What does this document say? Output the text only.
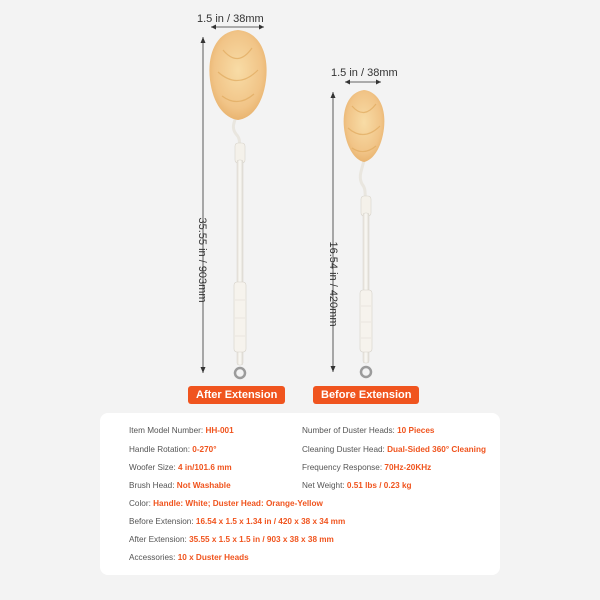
1.5 in / 38mm
35.55 in / 903mm
1.5 in / 38mm
16.54 in / 420mm
After Extension	Before Extension
Item Model Number: HH-001
Handle Rotation: 0-270°
Woofer Size: 4 in/101.6 mm
Brush Head: Not Washable
Number of Duster Heads: 10 Pieces
Cleaning Duster Head: Dual-Sided 360° Cleaning
Frequency Response: 70Hz-20KHz
Net Weight: 0.51 lbs / 0.23 kg
Color: Handle: White; Duster Head: Orange-Yellow
Before Extension: 16.54 x 1.5 x 1.34 in / 420 x 38 x 34 mm
After Extension: 35.55 x 1.5 x 1.5 in / 903 x 38 x 38 mm
Accessories: 10 x Duster Heads
